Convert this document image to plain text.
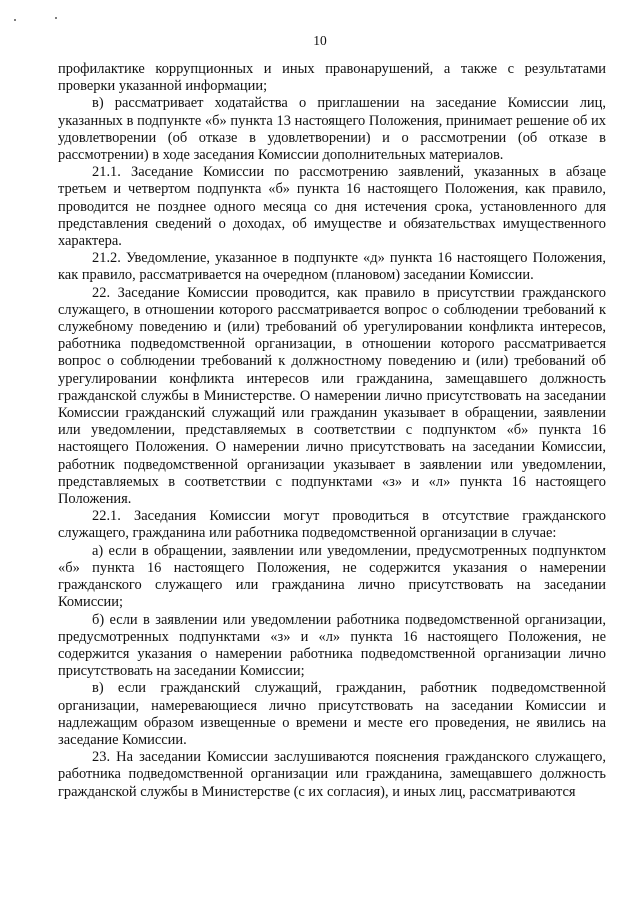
10

профилактике коррупционных и иных правонарушений, а также с результатами проверки указанной информации;

в) рассматривает ходатайства о приглашении на заседание Комиссии лиц, указанных в подпункте «б» пункта 13 настоящего Положения, принимает решение об их удовлетворении (об отказе в удовлетворении) и о рассмотрении (об отказе в рассмотрении) в ходе заседания Комиссии дополнительных материалов.

21.1. Заседание Комиссии по рассмотрению заявлений, указанных в абзаце третьем и четвертом подпункта «б» пункта 16 настоящего Положения, как правило, проводится не позднее одного месяца со дня истечения срока, установленного для представления сведений о доходах, об имуществе и обязательствах имущественного характера.

21.2. Уведомление, указанное в подпункте «д» пункта 16 настоящего Положения, как правило, рассматривается на очередном (плановом) заседании Комиссии.

22. Заседание Комиссии проводится, как правило в присутствии гражданского служащего, в отношении которого рассматривается вопрос о соблюдении требований к служебному поведению и (или) требований об урегулировании конфликта интересов, работника подведомственной организации, в отношении которого рассматривается вопрос о соблюдении требований к должностному поведению и (или) требований об урегулировании конфликта интересов или гражданина, замещавшего должность гражданской службы в Министерстве. О намерении лично присутствовать на заседании Комиссии гражданский служащий или гражданин указывает в обращении, заявлении или уведомлении, представляемых в соответствии с подпунктом «б» пункта 16 настоящего Положения. О намерении лично присутствовать на заседании Комиссии, работник подведомственной организации указывает в заявлении или уведомлении, представляемых в соответствии с подпунктами «з» и «л» пункта 16 настоящего Положения.

22.1. Заседания Комиссии могут проводиться в отсутствие гражданского служащего, гражданина или работника подведомственной организации в случае:

а) если в обращении, заявлении или уведомлении, предусмотренных подпунктом «б» пункта 16 настоящего Положения, не содержится указания о намерении гражданского служащего или гражданина лично присутствовать на заседании Комиссии;

б) если в заявлении или уведомлении работника подведомственной организации, предусмотренных подпунктами «з» и «л» пункта 16 настоящего Положения, не содержится указания о намерении работника подведомственной организации лично присутствовать на заседании Комиссии;

в) если гражданский служащий, гражданин, работник подведомственной организации, намеревающиеся лично присутствовать на заседании Комиссии и надлежащим образом извещенные о времени и месте его проведения, не явились на заседание Комиссии.

23. На заседании Комиссии заслушиваются пояснения гражданского служащего, работника подведомственной организации или гражданина, замещавшего должность гражданской службы в Министерстве (с их согласия), и иных лиц, рассматриваются
